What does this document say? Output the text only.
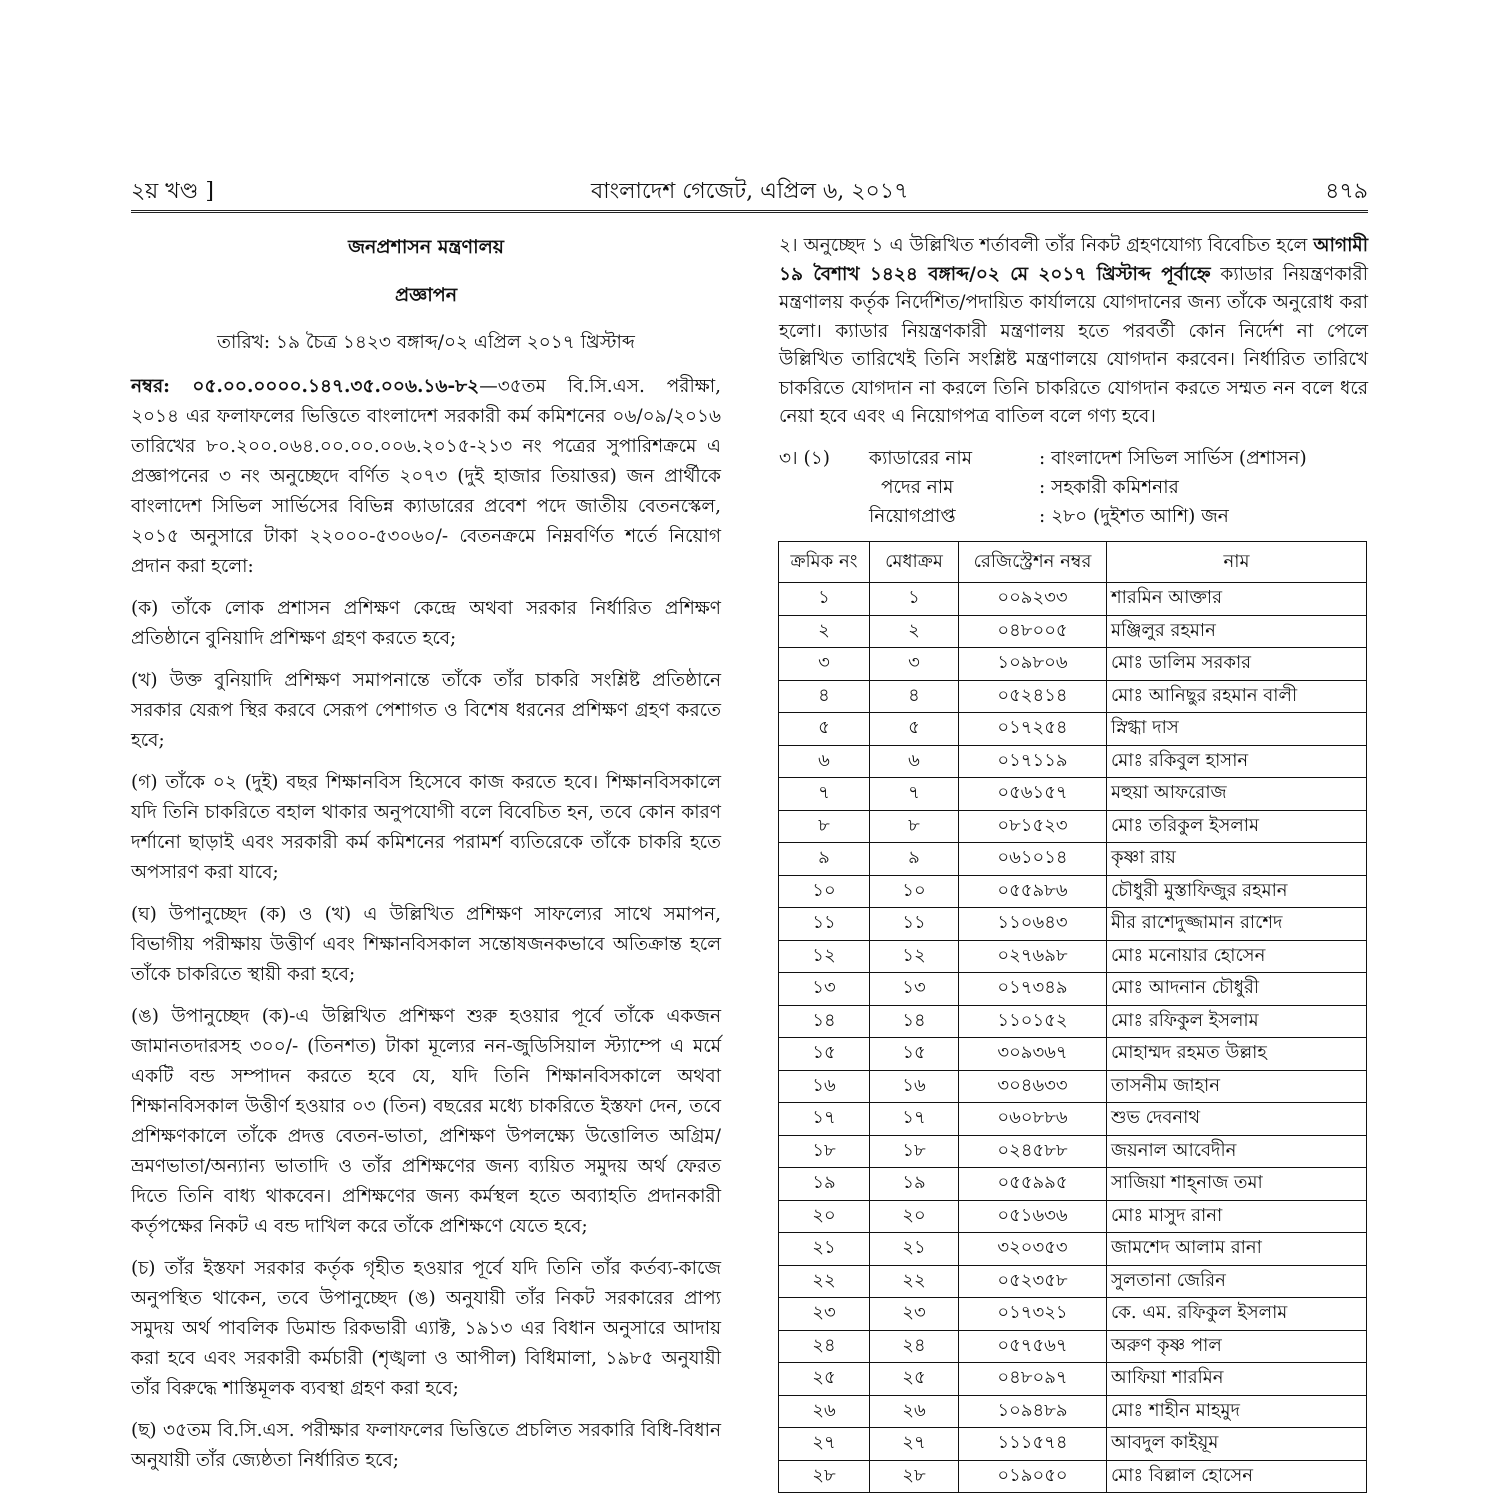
২য় খণ্ড ]	বাংলাদেশ গেজেট, এপ্রিল ৬, ২০১৭	৪৭৯
জনপ্রশাসন মন্ত্রণালয়
প্রজ্ঞাপন
তারিখ: ১৯ চৈত্র ১৪২৩ বঙ্গাব্দ/০২ এপ্রিল ২০১৭ খ্রিস্টাব্দ

নম্বর: ০৫.০০.০০০০.১৪৭.৩৫.০০৬.১৬-৮২—৩৫তম বি.সি.এস. পরীক্ষা, ২০১৪ এর ফলাফলের ভিত্তিতে বাংলাদেশ সরকারী কর্ম কমিশনের ০৬/০৯/২০১৬ তারিখের ৮০.২০০.০৬৪.০০.০০.০০৬.২০১৫-২১৩ নং পত্রের সুপারিশক্রমে এ প্রজ্ঞাপনের ৩ নং অনুচ্ছেদে বর্ণিত ২০৭৩ (দুই হাজার তিয়াত্তর) জন প্রার্থীকে বাংলাদেশ সিভিল সার্ভিসের বিভিন্ন ক্যাডারের প্রবেশ পদে জাতীয় বেতনস্কেল, ২০১৫ অনুসারে টাকা ২২০০০-৫৩০৬০/- বেতনক্রমে নিম্নবর্ণিত শর্তে নিয়োগ প্রদান করা হলো:

(ক) তাঁকে লোক প্রশাসন প্রশিক্ষণ কেন্দ্রে অথবা সরকার নির্ধারিত প্রশিক্ষণ প্রতিষ্ঠানে বুনিয়াদি প্রশিক্ষণ গ্রহণ করতে হবে;

(খ) উক্ত বুনিয়াদি প্রশিক্ষণ সমাপনান্তে তাঁকে তাঁর চাকরি সংশ্লিষ্ট প্রতিষ্ঠানে সরকার যেরূপ স্থির করবে সেরূপ পেশাগত ও বিশেষ ধরনের প্রশিক্ষণ গ্রহণ করতে হবে;

(গ) তাঁকে ০২ (দুই) বছর শিক্ষানবিস হিসেবে কাজ করতে হবে। শিক্ষানবিসকালে যদি তিনি চাকরিতে বহাল থাকার অনুপযোগী বলে বিবেচিত হন, তবে কোন কারণ দর্শানো ছাড়াই এবং সরকারী কর্ম কমিশনের পরামর্শ ব্যতিরেকে তাঁকে চাকরি হতে অপসারণ করা যাবে;

(ঘ) উপানুচ্ছেদ (ক) ও (খ) এ উল্লিখিত প্রশিক্ষণ সাফল্যের সাথে সমাপন, বিভাগীয় পরীক্ষায় উত্তীর্ণ এবং শিক্ষানবিসকাল সন্তোষজনকভাবে অতিক্রান্ত হলে তাঁকে চাকরিতে স্থায়ী করা হবে;

(ঙ) উপানুচ্ছেদ (ক)-এ উল্লিখিত প্রশিক্ষণ শুরু হওয়ার পূর্বে তাঁকে একজন জামানতদারসহ ৩০০/- (তিনশত) টাকা মূল্যের নন-জুডিসিয়াল স্ট্যাম্পে এ মর্মে একটি বন্ড সম্পাদন করতে হবে যে, যদি তিনি শিক্ষানবিসকালে অথবা শিক্ষানবিসকাল উত্তীর্ণ হওয়ার ০৩ (তিন) বছরের মধ্যে চাকরিতে ইস্তফা দেন, তবে প্রশিক্ষণকালে তাঁকে প্রদত্ত বেতন-ভাতা, প্রশিক্ষণ উপলক্ষ্যে উত্তোলিত অগ্রিম/ভ্রমণভাতা/অন্যান্য ভাতাদি ও তাঁর প্রশিক্ষণের জন্য ব্যয়িত সমুদয় অর্থ ফেরত দিতে তিনি বাধ্য থাকবেন। প্রশিক্ষণের জন্য কর্মস্থল হতে অব্যাহতি প্রদানকারী কর্তৃপক্ষের নিকট এ বন্ড দাখিল করে তাঁকে প্রশিক্ষণে যেতে হবে;

(চ) তাঁর ইস্তফা সরকার কর্তৃক গৃহীত হওয়ার পূর্বে যদি তিনি তাঁর কর্তব্য-কাজে অনুপস্থিত থাকেন, তবে উপানুচ্ছেদ (ঙ) অনুযায়ী তাঁর নিকট সরকারের প্রাপ্য সমুদয় অর্থ পাবলিক ডিমান্ড রিকভারী এ্যাক্ট, ১৯১৩ এর বিধান অনুসারে আদায় করা হবে এবং সরকারী কর্মচারী (শৃঙ্খলা ও আপীল) বিধিমালা, ১৯৮৫ অনুযায়ী তাঁর বিরুদ্ধে শাস্তিমূলক ব্যবস্থা গ্রহণ করা হবে;

(ছ) ৩৫তম বি.সি.এস. পরীক্ষার ফলাফলের ভিত্তিতে প্রচলিত সরকারি বিধি-বিধান অনুযায়ী তাঁর জ্যেষ্ঠতা নির্ধারিত হবে;

২। অনুচ্ছেদ ১ এ উল্লিখিত শর্তাবলী তাঁর নিকট গ্রহণযোগ্য বিবেচিত হলে আগামী ১৯ বৈশাখ ১৪২৪ বঙ্গাব্দ/০২ মে ২০১৭ খ্রিস্টাব্দ পূর্বাহ্নে ক্যাডার নিয়ন্ত্রণকারী মন্ত্রণালয় কর্তৃক নির্দেশিত/পদায়িত কার্যালয়ে যোগদানের জন্য তাঁকে অনুরোধ করা হলো। ক্যাডার নিয়ন্ত্রণকারী মন্ত্রণালয় হতে পরবর্তী কোন নির্দেশ না পেলে উল্লিখিত তারিখেই তিনি সংশ্লিষ্ট মন্ত্রণালয়ে যোগদান করবেন। নির্ধারিত তারিখে চাকরিতে যোগদান না করলে তিনি চাকরিতে যোগদান করতে সম্মত নন বলে ধরে নেয়া হবে এবং এ নিয়োগপত্র বাতিল বলে গণ্য হবে।

৩। (১)	ক্যাডারের নাম	: বাংলাদেশ সিভিল সার্ভিস (প্রশাসন)
পদের নাম	: সহকারী কমিশনার
নিয়োগপ্রাপ্ত	: ২৮০ (দুইশত আশি) জন
ক্রমিক নং	মেধাক্রম	রেজিস্ট্রেশন নম্বর	নাম
১	১	০০৯২৩৩	শারমিন আক্তার
২	২	০৪৮০০৫	মঞ্জিলুর রহমান
৩	৩	১০৯৮০৬	মোঃ ডালিম সরকার
৪	৪	০৫২৪১৪	মোঃ আনিছুর রহমান বালী
৫	৫	০১৭২৫৪	স্নিগ্ধা দাস
৬	৬	০১৭১১৯	মোঃ রকিবুল হাসান
৭	৭	০৫৬১৫৭	মহুয়া আফরোজ
৮	৮	০৮১৫২৩	মোঃ তরিকুল ইসলাম
৯	৯	০৬১০১৪	কৃষ্ণা রায়
১০	১০	০৫৫৯৮৬	চৌধুরী মুস্তাফিজুর রহমান
১১	১১	১১০৬৪৩	মীর রাশেদুজ্জামান রাশেদ
১২	১২	০২৭৬৯৮	মোঃ মনোয়ার হোসেন
১৩	১৩	০১৭৩৪৯	মোঃ আদনান চৌধুরী
১৪	১৪	১১০১৫২	মোঃ রফিকুল ইসলাম
১৫	১৫	৩০৯৩৬৭	মোহাম্মদ রহমত উল্লাহ
১৬	১৬	৩০৪৬৩৩	তাসনীম জাহান
১৭	১৭	০৬০৮৮৬	শুভ দেবনাথ
১৮	১৮	০২৪৫৮৮	জয়নাল আবেদীন
১৯	১৯	০৫৫৯৯৫	সাজিয়া শাহ্‌নাজ তমা
২০	২০	০৫১৬৩৬	মোঃ মাসুদ রানা
২১	২১	৩২০৩৫৩	জামশেদ আলাম রানা
২২	২২	০৫২৩৫৮	সুলতানা জেরিন
২৩	২৩	০১৭৩২১	কে. এম. রফিকুল ইসলাম
২৪	২৪	০৫৭৫৬৭	অরুণ কৃষ্ণ পাল
২৫	২৫	০৪৮০৯৭	আফিয়া শারমিন
২৬	২৬	১০৯৪৮৯	মোঃ শাহীন মাহমুদ
২৭	২৭	১১১৫৭৪	আবদুল কাইয়ূম
২৮	২৮	০১৯০৫০	মোঃ বিল্লাল হোসেন
